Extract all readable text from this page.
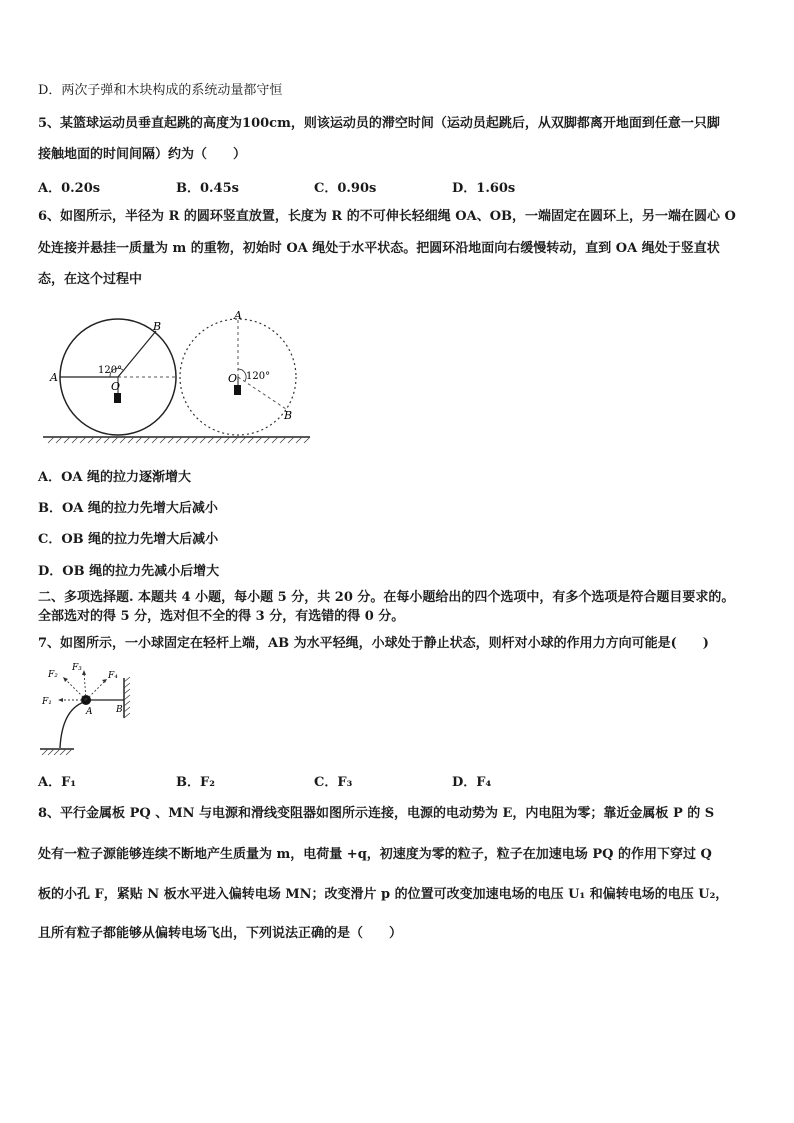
D．两次子弹和木块构成的系统动量都守恒
5、某篮球运动员垂直起跳的高度为100cm，则该运动员的滞空时间（运动员起跳后，从双脚都离开地面到任意一只脚
接触地面的时间间隔）约为（　　）
A．0.20s	B．0.45s	C．0.90s	D．1.60s
6、如图所示，半径为 R 的圆环竖直放置，长度为 R 的不可伸长轻细绳 OA、OB，一端固定在圆环上，另一端在圆心 O
处连接并悬挂一质量为 m 的重物，初始时 OA 绳处于水平状态。把圆环沿地面向右缓慢转动，直到 OA 绳处于竖直状
态，在这个过程中
A
B
O
120°
A
B
O 120°
A．OA 绳的拉力逐渐增大
B．OA 绳的拉力先增大后减小
C．OB 绳的拉力先增大后减小
D．OB 绳的拉力先减小后增大
二、多项选择题. 本题共 4 小题，每小题 5 分，共 20 分。在每小题给出的四个选项中，有多个选项是符合题目要求的。
全部选对的得 5 分，选对但不全的得 3 分，有选错的得 0 分。
7、如图所示，一小球固定在轻杆上端，AB 为水平轻绳，小球处于静止状态，则杆对小球的作用力方向可能是(　　)
F₁
F₂
F₃
F₄
A	B
A．F₁	B．F₂	C．F₃	D．F₄
8、平行金属板 PQ 、MN 与电源和滑线变阻器如图所示连接，电源的电动势为 E，内电阻为零；靠近金属板 P 的 S
处有一粒子源能够连续不断地产生质量为 m，电荷量 +q，初速度为零的粒子，粒子在加速电场 PQ 的作用下穿过 Q
板的小孔 F，紧贴 N 板水平进入偏转电场 MN；改变滑片 p 的位置可改变加速电场的电压 U₁ 和偏转电场的电压 U₂，
且所有粒子都能够从偏转电场飞出，下列说法正确的是（　　）
